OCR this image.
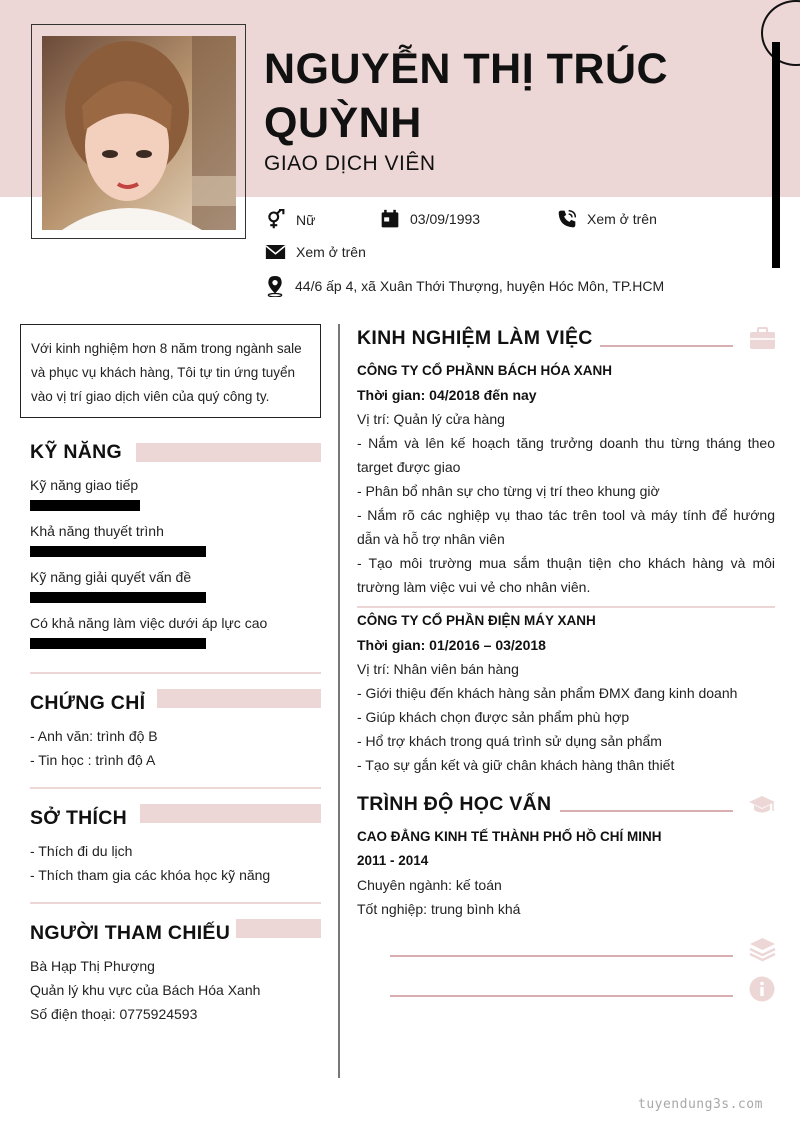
NGUYỄN THỊ TRÚC QUỲNH
GIAO DỊCH VIÊN
Nữ	03/09/1993	Xem ở trên
Xem ở trên
44/6 ấp 4, xã Xuân Thới Thượng, huyện Hóc Môn, TP.HCM
Với kinh nghiệm hơn 8 năm trong ngành sale và phục vụ khách hàng, Tôi tự tin ứng tuyển vào vị trí giao dịch viên của quý công ty.
KỸ NĂNG
Kỹ năng giao tiếp
Khả năng thuyết trình
Kỹ năng giải quyết vấn đề
Có khả năng làm việc dưới áp lực cao
CHỨNG CHỈ
- Anh văn: trình độ B
- Tin học : trình độ A
SỞ THÍCH
- Thích đi du lịch
- Thích tham gia các khóa học kỹ năng
NGƯỜI THAM CHIẾU
Bà Hạp Thị Phượng
Quản lý khu vực của Bách Hóa Xanh
Số điện thoại: 0775924593
KINH NGHIỆM LÀM VIỆC
CÔNG TY CỔ PHẦNN BÁCH HÓA XANH
Thời gian: 04/2018 đến nay
Vị trí: Quản lý cửa hàng
- Nắm và lên kế hoạch tăng trưởng doanh thu từng tháng theo target được giao
- Phân bổ nhân sự cho từng vị trí theo khung giờ
- Nắm rõ các nghiệp vụ thao tác trên tool và máy tính để hướng dẫn và hỗ trợ nhân viên
- Tạo môi trường mua sắm thuận tiện cho khách hàng và môi trường làm việc vui vẻ cho nhân viên.
CÔNG TY CỔ PHẦN ĐIỆN MÁY XANH
Thời gian: 01/2016 – 03/2018
Vị trí: Nhân viên bán hàng
- Giới thiệu đến khách hàng sản phẩm ĐMX đang kinh doanh
- Giúp khách chọn được sản phẩm phù hợp
- Hổ trợ khách trong quá trình sử dụng sản phẩm
- Tạo sự gắn kết và giữ chân khách hàng thân thiết
TRÌNH ĐỘ HỌC VẤN
CAO ĐẲNG KINH TẾ THÀNH PHỐ HỒ CHÍ MINH
2011 - 2014
Chuyên ngành: kế toán
Tốt nghiệp: trung bình khá
tuyendung3s.com
